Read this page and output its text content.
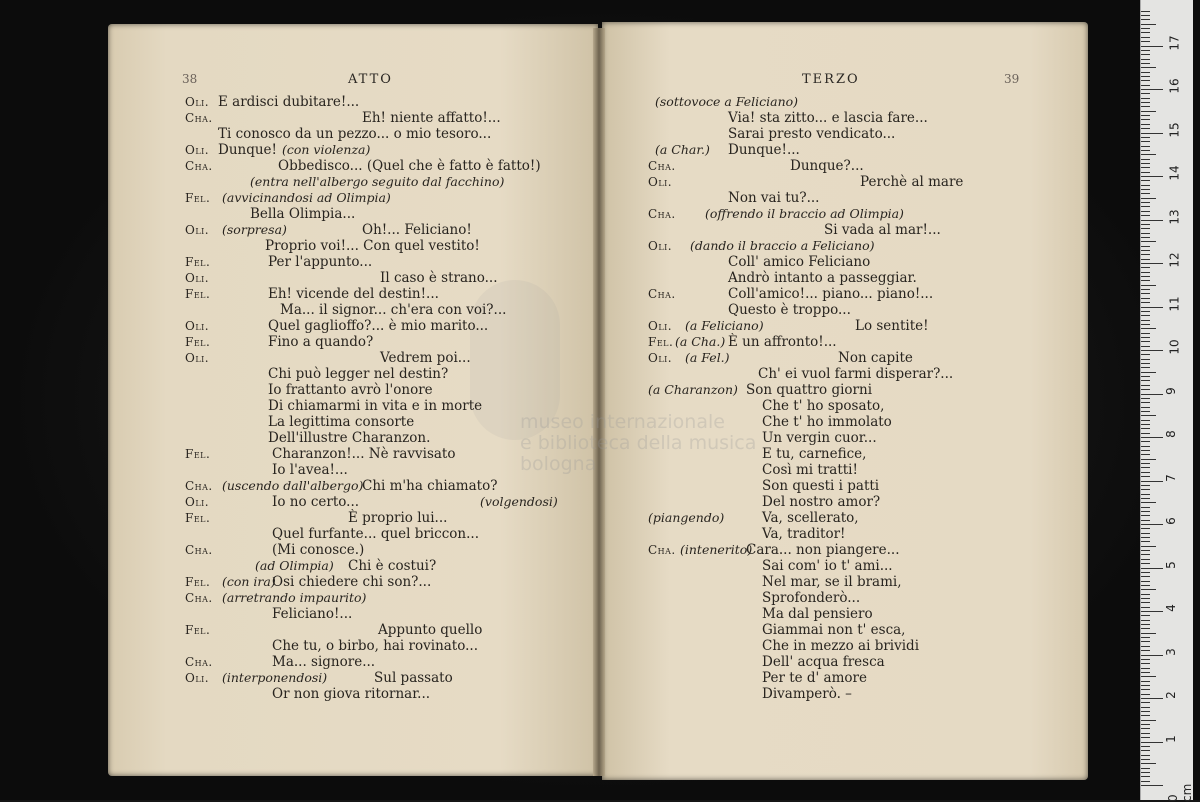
museo internazionale
e biblioteca della musica
bologna
38	ATTO	TERZO	39
Oli. E ardisci dubitare!...
Cha.	Eh! niente affatto!...
Ti conosco da un pezzo... o mio tesoro...
Oli.	(con violenza)
Dunque!
Cha.	Obbedisco... (Quel che è fatto è fatto!)
(entra nell'albergo seguito dal facchino)
Fel. (avvicinandosi ad Olimpia)
Bella Olimpia...
Oli. (sorpresa)	Oh!... Feliciano!
Proprio voi!... Con quel vestito!
Fel.	Per l'appunto...
Oli.	Il caso è strano...
Fel.	Eh! vicende del destin!...
Ma... il signor... ch'era con voi?...
Oli.	Quel gaglioffo?... è mio marito...
Fel.	Fino a quando?
Oli.	Vedrem poi...
Chi può legger nel destin?
Io frattanto avrò l'onore
Di chiamarmi in vita e in morte
La legittima consorte
Dell'illustre Charanzon.
Fel.	Charanzon!... Nè ravvisato
Io l'avea!...
Cha. (uscendo dall'albergo)
Chi m'ha chiamato?
Oli.	Io no certo...	(volgendosi)
Fel.	È proprio lui...
Quel furfante... quel briccon...
Cha.	(Mi conosce.)
(ad Olimpia) Chi è costui?
Fel. (con ira)
Osi chiedere chi son?...
Cha. (arretrando impaurito)
Feliciano!...
Fel.	Appunto quello
Che tu, o birbo, hai rovinato...
Cha.	Ma... signore...
Oli. (interponendosi)	Sul passato
Or non giova ritornar...
(sottovoce a Feliciano)
Via! sta zitto... e lascia fare...
Sarai presto vendicato...
(a Char.) Dunque!...
Cha.	Dunque?...
Oli.	Perchè al mare
Non vai tu?...
Cha. (offrendo il braccio ad Olimpia)
Si vada al mar!...
Oli. (dando il braccio a Feliciano)
Coll' amico Feliciano
Andrò intanto a passeggiar.
Cha.	Coll'amico!... piano... piano!...
Questo è troppo...
Oli. (a Feliciano)	Lo sentite!
Fel. (a Cha.) È un affronto!...
Oli. (a Fel.)	Non capite
Ch' ei vuol farmi disperar?...
(a Charanzon) Son quattro giorni
Che t' ho sposato,
Che t' ho immolato
Un vergin cuor...
E tu, carnefice,
Così mi tratti!
Son questi i patti
Del nostro amor?
(piangendo)	Va, scellerato,
Va, traditor!
Cha. (intenerito)
Cara... non piangere...
Sai com' io t' ami...
Nel mar, se il brami,
Sprofonderò...
Ma dal pensiero
Giammai non t' esca,
Che in mezzo ai brividi
Dell' acqua fresca
Per te d' amore
Divamperò. –
0 cm
1
2
3
4
5
6
7
8
9
10
11
12
13
14
15
16
17
